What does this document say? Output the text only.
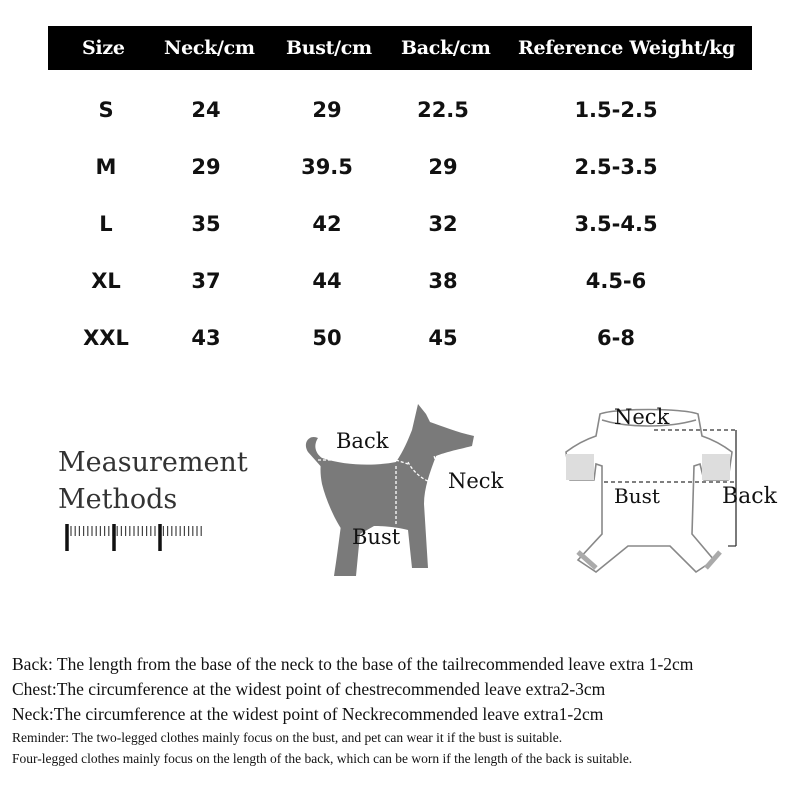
Size Neck/cm Bust/cm Back/cm Reference Weight/kg
S	24	29	22.5	1.5-2.5
M	29	39.5	29	2.5-3.5
L	35	42	32	3.5-4.5
XL	37	44	38	4.5-6
XXL	43	50	45	6-8
Measurement
Methods
Back
Neck
Bust
Neck
Bust	Back
Back: The length from the base of the neck to the base of the tailrecommended leave extra 1-2cm
Chest:The circumference at the widest point of chestrecommended leave extra2-3cm
Neck:The circumference at the widest point of Neckrecommended leave extra1-2cm
Reminder: The two-legged clothes mainly focus on the bust, and pet can wear it if the bust is suitable.
Four-legged clothes mainly focus on the length of the back, which can be worn if the length of the back is suitable.
